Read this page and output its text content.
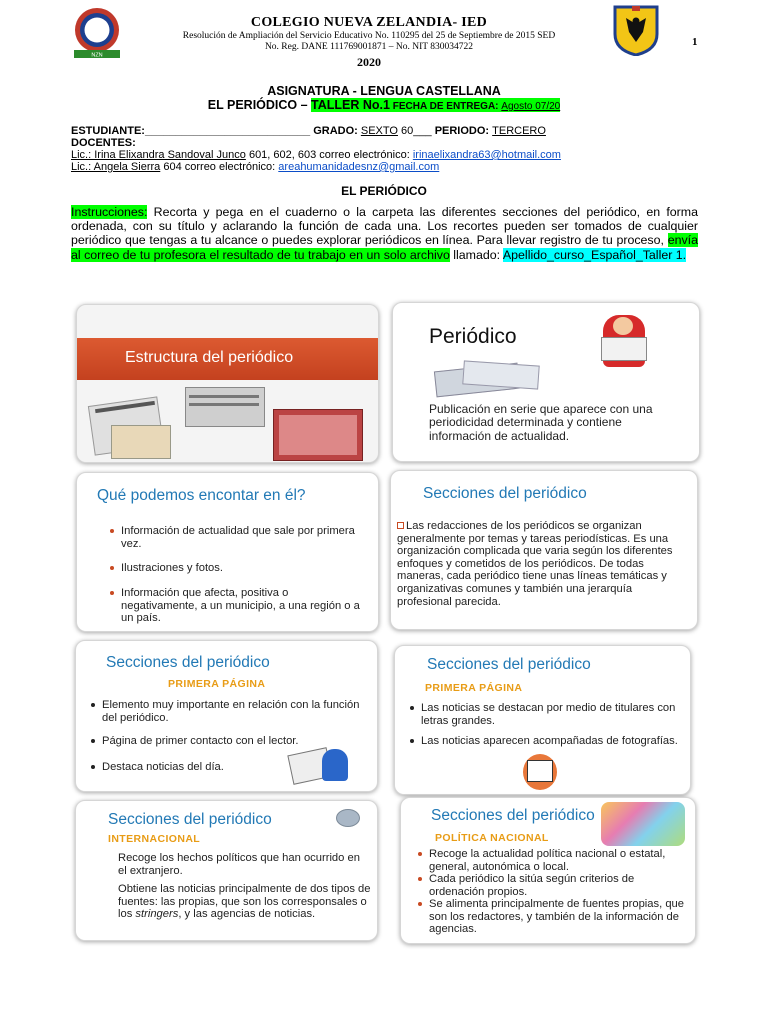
NZN
COLEGIO NUEVA ZELANDIA- IED
Resolución de Ampliación del Servicio Educativo No. 110295 del 25 de Septiembre de 2015 SED
No. Reg. DANE 111769001871 – No. NIT 830034722
2020
1
ASIGNATURA - LENGUA CASTELLANA
EL PERIÓDICO – TALLER No.1 FECHA DE ENTREGA: Agosto 07/20
ESTUDIANTE:___________________________ GRADO: SEXTO 60___ PERIODO: TERCERO
DOCENTES:
Lic.: Irina Elixandra Sandoval Junco 601, 602, 603 correo electrónico: irinaelixandra63@hotmail.com
Lic.: Angela Sierra 604 correo electrónico: areahumanidadesnz@gmail.com
EL PERIÓDICO
Instrucciones: Recorta y pega en el cuaderno o la carpeta las diferentes secciones del periódico, en forma ordenada, con su título y aclarando la función de cada una. Los recortes pueden ser tomados de cualquier periódico que tengas a tu alcance o puedes explorar periódicos en línea. Para llevar registro de tu proceso, envía al correo de tu profesora el resultado de tu trabajo en un solo archivo llamado: Apellido_curso_Español_Taller 1.
Estructura del periódico
Periódico
Publicación en serie que aparece con una periodicidad determinada y contiene información de actualidad.
Qué podemos encontar en él?
Información de actualidad que sale por primera vez.
Ilustraciones y fotos.
Información que afecta, positiva o negativamente, a un municipio, a una región o a un país.
Secciones del periódico
Las redacciones de los periódicos se organizan generalmente por temas y tareas periodísticas. Es una organización complicada que varia según los diferentes enfoques y cometidos de los periódicos. De todas maneras, cada periódico tiene unas líneas temáticas y organizativas comunes y también una jerarquía profesional parecida.
Secciones del periódico
PRIMERA PÁGINA
Elemento muy importante en relación con la función del periódico.
Página de primer contacto con el lector.
Destaca noticias del día.
Secciones del periódico
PRIMERA PÁGINA
Las noticias se destacan por medio de titulares con letras grandes.
Las noticias aparecen acompañadas de fotografías.
Secciones del periódico
INTERNACIONAL
Recoge los hechos políticos que han ocurrido en el extranjero.
Obtiene las noticias principalmente de dos tipos de fuentes: las propias, que son los corresponsales o los stringers, y las agencias de noticias.
Secciones del periódico
POLÍTICA NACIONAL
Recoge la actualidad política nacional o estatal, general, autonómica o local.
Cada periódico la sitúa según criterios de ordenación propios.
Se alimenta principalmente de fuentes propias, que son los redactores, y también de la información de agencias.
